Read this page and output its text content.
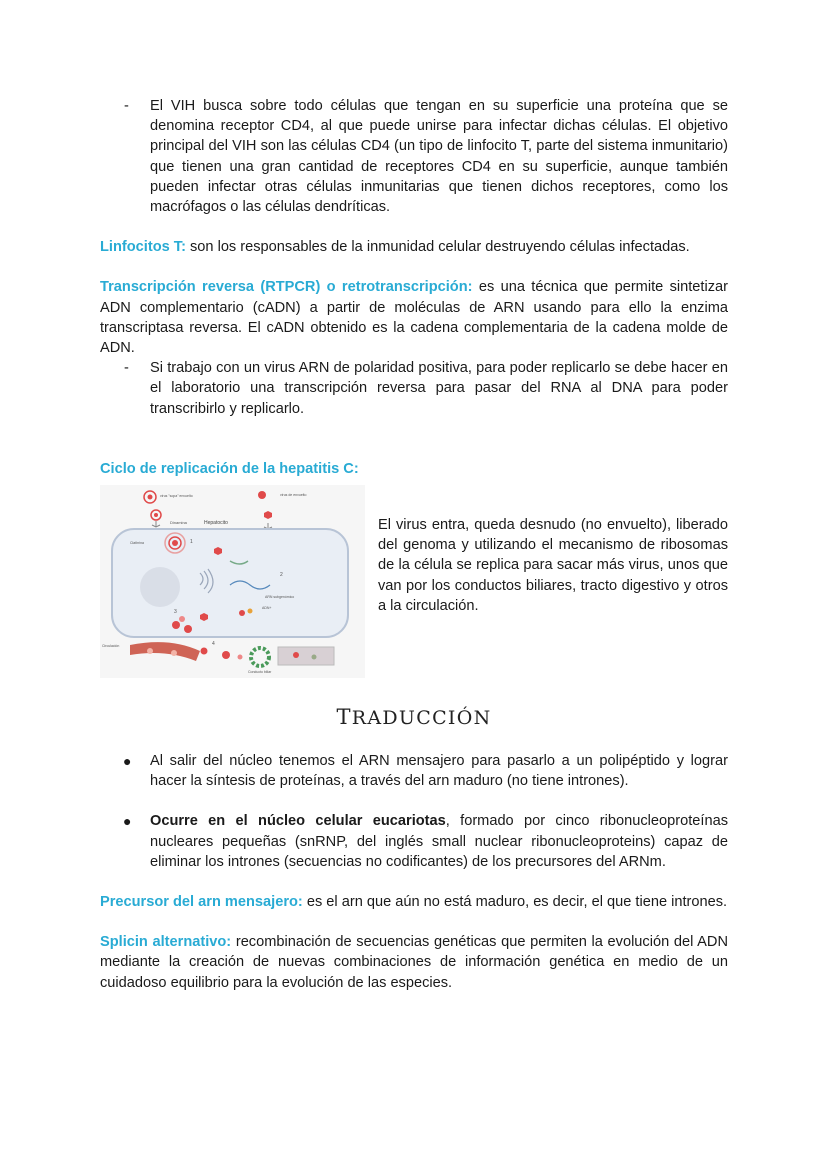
- El VIH busca sobre todo células que tengan en su superficie una proteína que se denomina receptor CD4, al que puede unirse para infectar dichas células. El objetivo principal del VIH son las células CD4 (un tipo de linfocito T, parte del sistema inmunitario) que tienen una gran cantidad de receptores CD4 en su superficie, aunque también pueden infectar otras células inmunitarias que tienen dichos receptores, como los macrófagos o las células dendríticas.

Linfocitos T: son los responsables de la inmunidad celular destruyendo células infectadas.

Transcripción reversa (RTPCR) o retrotranscripción: es una técnica que permite sintetizar ADN complementario (cADN) a partir de moléculas de ARN usando para ello la enzima transcriptasa reversa. El cADN obtenido es la cadena complementaria de la cadena molde de ADN.

- Si trabajo con un virus ARN de polaridad positiva, para poder replicarlo se debe hacer en el laboratorio una transcripción reversa para pasar del RNA al DNA para poder transcribirlo y replicarlo.

Ciclo de replicación de la hepatitis C:

virus "sopa" envuelto	virus de envuelto
Dinamina	Hepatocito
Clathrina	1
2
ARN subgenómico
ADN+
3
4
Circulación
Conducto biliar

El virus entra, queda desnudo (no envuelto), liberado del genoma y utilizando el mecanismo de ribosomas de la célula se replica para sacar más virus, unos que van por los conductos biliares, tracto digestivo y otros a la circulación.

TRADUCCIÓN

● Al salir del núcleo tenemos el ARN mensajero para pasarlo a un polipéptido y lograr hacer la síntesis de proteínas, a través del arn maduro (no tiene intrones).

● Ocurre en el núcleo celular eucariotas, formado por cinco ribonucleoproteínas nucleares pequeñas (snRNP, del inglés small nuclear ribonucleoproteins) capaz de eliminar los intrones (secuencias no codificantes) de los precursores del ARNm.

Precursor del arn mensajero: es el arn que aún no está maduro, es decir, el que tiene intrones.

Splicin alternativo: recombinación de secuencias genéticas que permiten la evolución del ADN mediante la creación de nuevas combinaciones de información genética en medio de un cuidadoso equilibrio para la evolución de las especies.
